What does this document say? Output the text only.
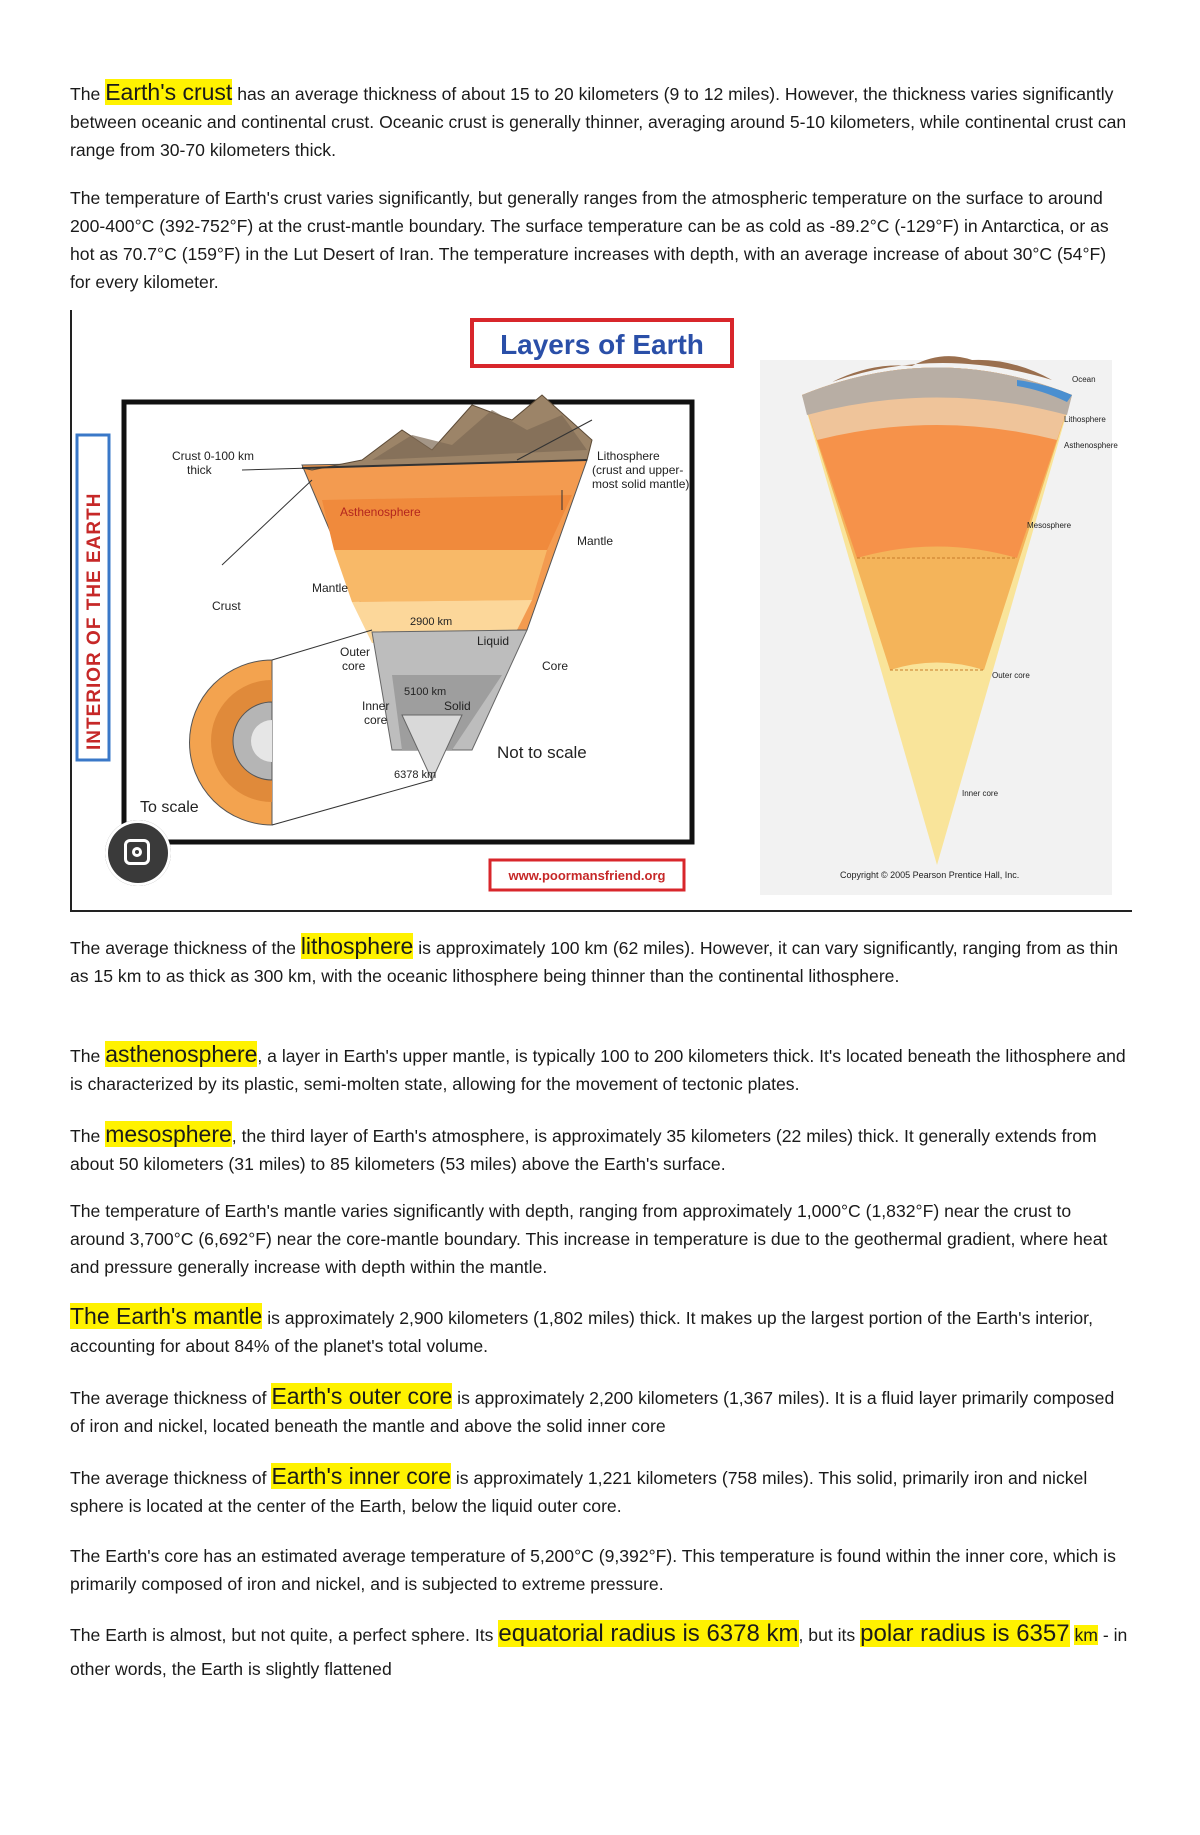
The Earth's crust has an average thickness of about 15 to 20 kilometers (9 to 12 miles). However, the thickness varies significantly between oceanic and continental crust. Oceanic crust is generally thinner, averaging around 5-10 kilometers, while continental crust can range from 30-70 kilometers thick.

The temperature of Earth's crust varies significantly, but generally ranges from the atmospheric temperature on the surface to around 200-400°C (392-752°F) at the crust-mantle boundary. The surface temperature can be as cold as -89.2°C (-129°F) in Antarctica, or as hot as 70.7°C (159°F) in the Lut Desert of Iran. The temperature increases with depth, with an average increase of about 30°C (54°F) for every kilometer.

INTERIOR OF THE EARTH
Layers of Earth
Crust 0-100 km
thick
Lithosphere
(crust and upper-
most solid mantle)
Asthenosphere
Mantle
Mantle
Crust
2900 km
Liquid
Outer
core	Core
5100 km
Inner
core
Solid
Not to scale
6378 km
To scale
www.poormansfriend.org
Ocean
Lithosphere
Asthenosphere
Mesosphere
Outer core
Inner core
Copyright © 2005 Pearson Prentice Hall, Inc.

The average thickness of the lithosphere is approximately 100 km (62 miles). However, it can vary significantly, ranging from as thin as 15 km to as thick as 300 km, with the oceanic lithosphere being thinner than the continental lithosphere.

The asthenosphere, a layer in Earth's upper mantle, is typically 100 to 200 kilometers thick. It's located beneath the lithosphere and is characterized by its plastic, semi-molten state, allowing for the movement of tectonic plates.

The mesosphere, the third layer of Earth's atmosphere, is approximately 35 kilometers (22 miles) thick. It generally extends from about 50 kilometers (31 miles) to 85 kilometers (53 miles) above the Earth's surface.

The temperature of Earth's mantle varies significantly with depth, ranging from approximately 1,000°C (1,832°F) near the crust to around 3,700°C (6,692°F) near the core-mantle boundary. This increase in temperature is due to the geothermal gradient, where heat and pressure generally increase with depth within the mantle.

The Earth's mantle is approximately 2,900 kilometers (1,802 miles) thick. It makes up the largest portion of the Earth's interior, accounting for about 84% of the planet's total volume.

The average thickness of Earth's outer core is approximately 2,200 kilometers (1,367 miles). It is a fluid layer primarily composed of iron and nickel, located beneath the mantle and above the solid inner core

The average thickness of Earth's inner core is approximately 1,221 kilometers (758 miles). This solid, primarily iron and nickel sphere is located at the center of the Earth, below the liquid outer core.

The Earth's core has an estimated average temperature of 5,200°C (9,392°F). This temperature is found within the inner core, which is primarily composed of iron and nickel, and is subjected to extreme pressure.

The Earth is almost, but not quite, a perfect sphere. Its equatorial radius is 6378 km, but its polar radius is 6357 km - in other words, the Earth is slightly flattened
